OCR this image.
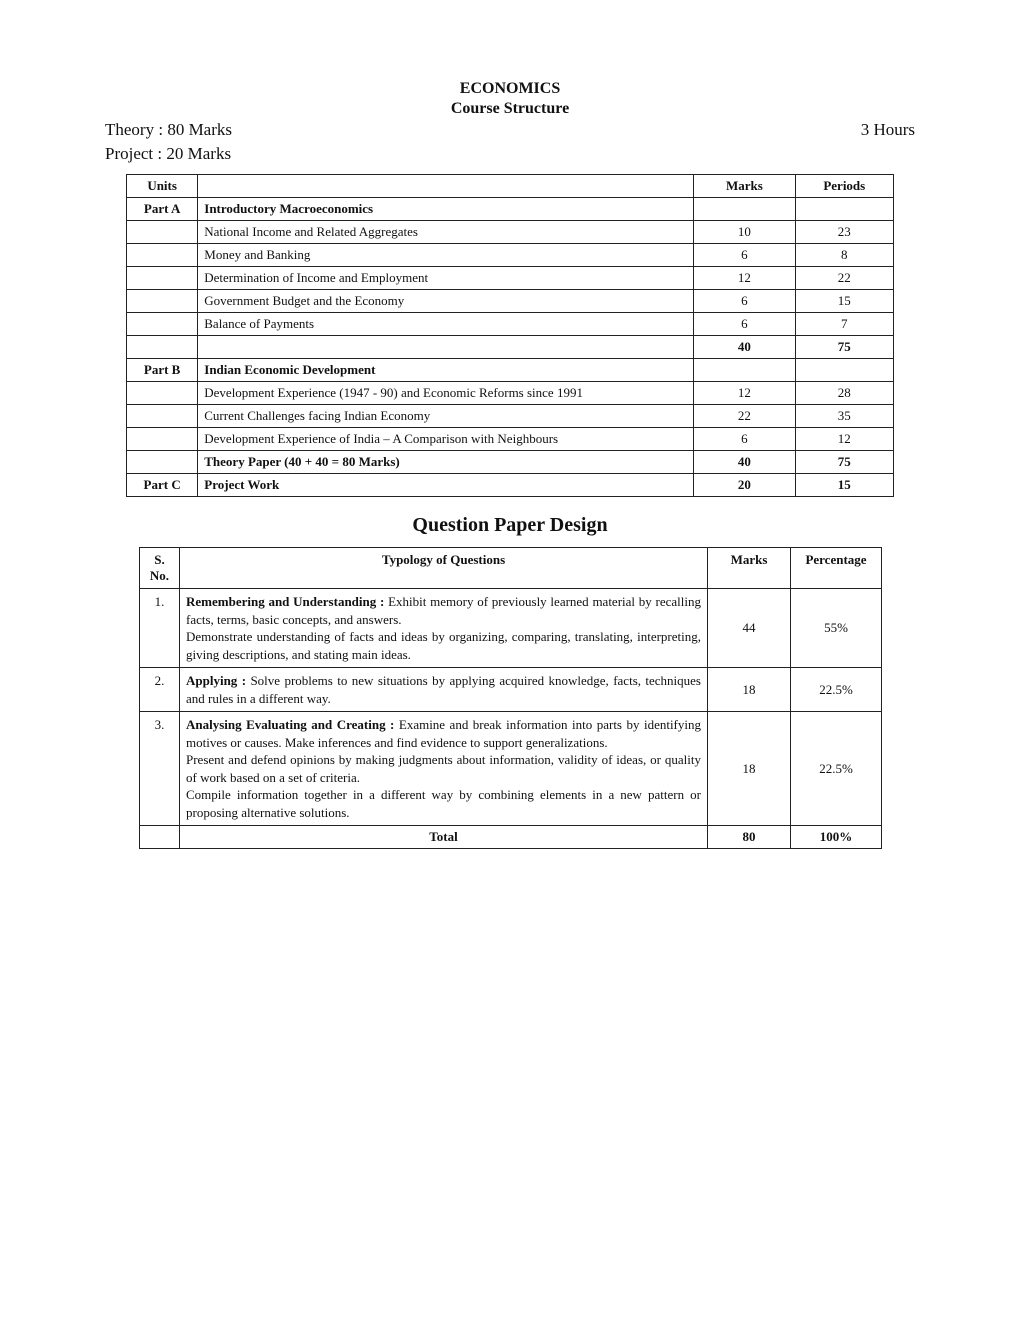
ECONOMICS
Course Structure
Theory : 80 Marks
Project : 20 Marks
3 Hours
Units		Marks	Periods
Part A	Introductory Macroeconomics		
	National Income and Related Aggregates	10	23
	Money and Banking	6	8
	Determination of Income and Employment	12	22
	Government Budget and the Economy	6	15
	Balance of Payments	6	7
		40	75
Part B	Indian Economic Development		
	Development Experience (1947 - 90) and Economic Reforms since 1991	12	28
	Current Challenges facing Indian Economy	22	35
	Development Experience of India – A Comparison with Neighbours	6	12
	Theory Paper (40 + 40 = 80 Marks)	40	75
Part C	Project Work	20	15
Question Paper Design
S. No.	Typology of Questions	Marks	Percentage
1.	Remembering and Understanding : Exhibit memory of previously learned material by recalling facts, terms, basic concepts, and answers.

Demonstrate understanding of facts and ideas by organizing, comparing, translating, interpreting, giving descriptions, and stating main ideas.	44	55%
2.	Applying : Solve problems to new situations by applying acquired knowledge, facts, techniques and rules in a different way.	18	22.5%
3.	Analysing Evaluating and Creating : Examine and break information into parts by identifying motives or causes. Make inferences and find evidence to support generalizations.

Present and defend opinions by making judgments about information, validity of ideas, or quality of work based on a set of criteria.

Compile information together in a different way by combining elements in a new pattern or proposing alternative solutions.	18	22.5%
	Total	80	100%
